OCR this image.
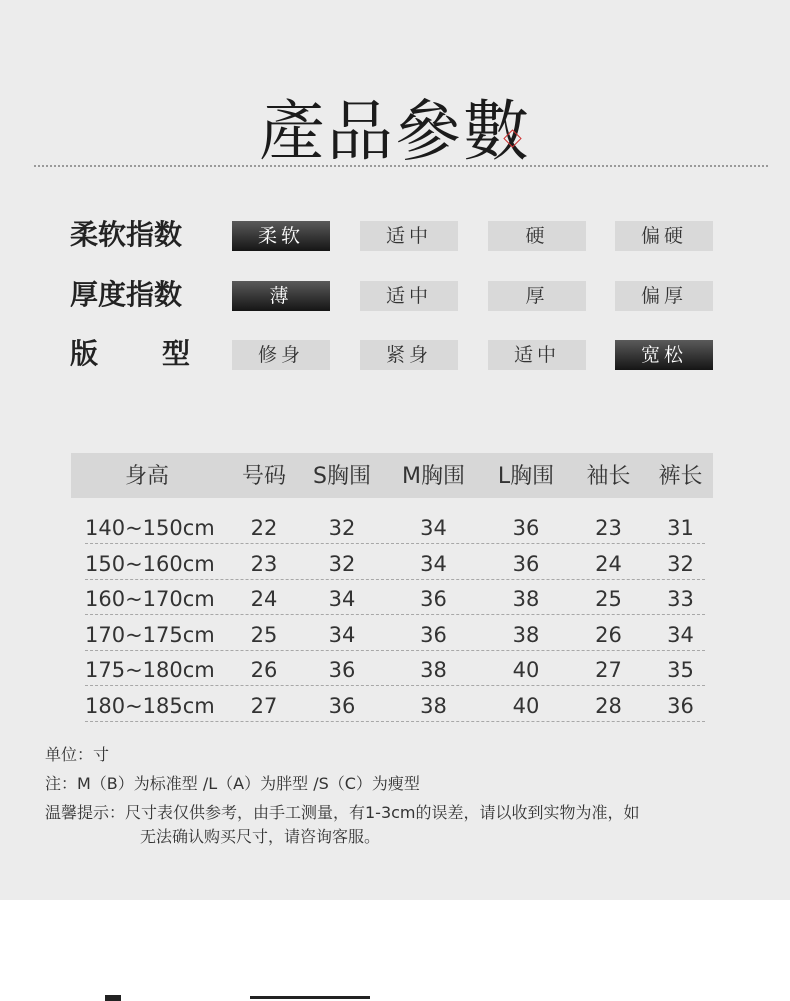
產品參數
柔软指数	柔软	适中	硬	偏硬
厚度指数	薄	适中	厚	偏厚
版 型	修身	紧身	适中	宽松
身高	号码	S胸围	M胸围	L胸围	袖长	裤长
140~150cm	22	32	34	36	23	31
150~160cm	23	32	34	36	24	32
160~170cm	24	34	36	38	25	33
170~175cm	25	34	36	38	26	34
175~180cm	26	36	38	40	27	35
180~185cm	27	36	38	40	28	36
单位：寸
注：M（B）为标准型 /L（A）为胖型 /S（C）为瘦型
温馨提示：尺寸表仅供参考，由手工测量，有1-3cm的误差，请以收到实物为准，如
无法确认购买尺寸，请咨询客服。
